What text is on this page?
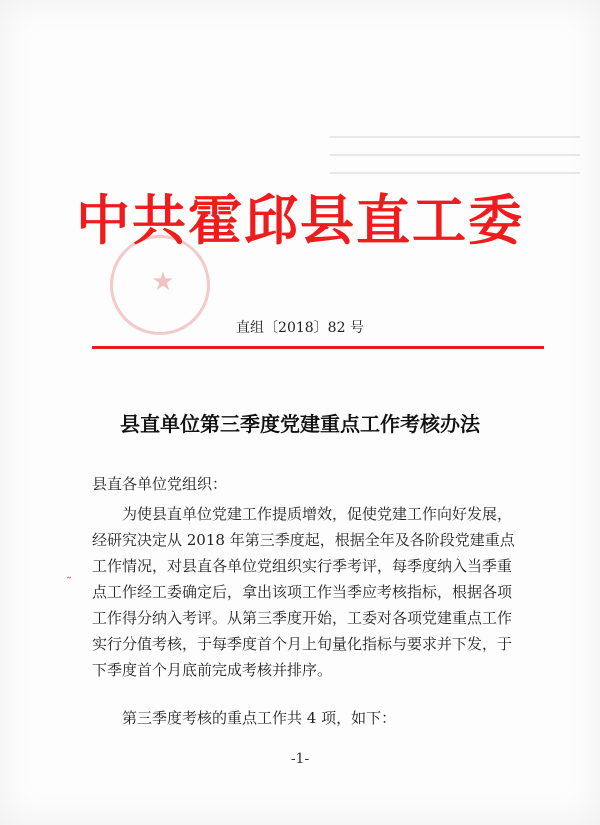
★
中共霍邱县直工委
直组〔2018〕82 号
县直单位第三季度党建重点工作考核办法
县直各单位党组织：
为使县直单位党建工作提质增效，促使党建工作向好发展，
经研究决定从 2018 年第三季度起，根据全年及各阶段党建重点
工作情况，对县直各单位党组织实行季考评，每季度纳入当季重
点工作经工委确定后，拿出该项工作当季应考核指标，根据各项
工作得分纳入考评。从第三季度开始，工委对各项党建重点工作
实行分值考核，于每季度首个月上旬量化指标与要求并下发，于
下季度首个月底前完成考核并排序。
第三季度考核的重点工作共 4 项，如下：
˷
-1-
